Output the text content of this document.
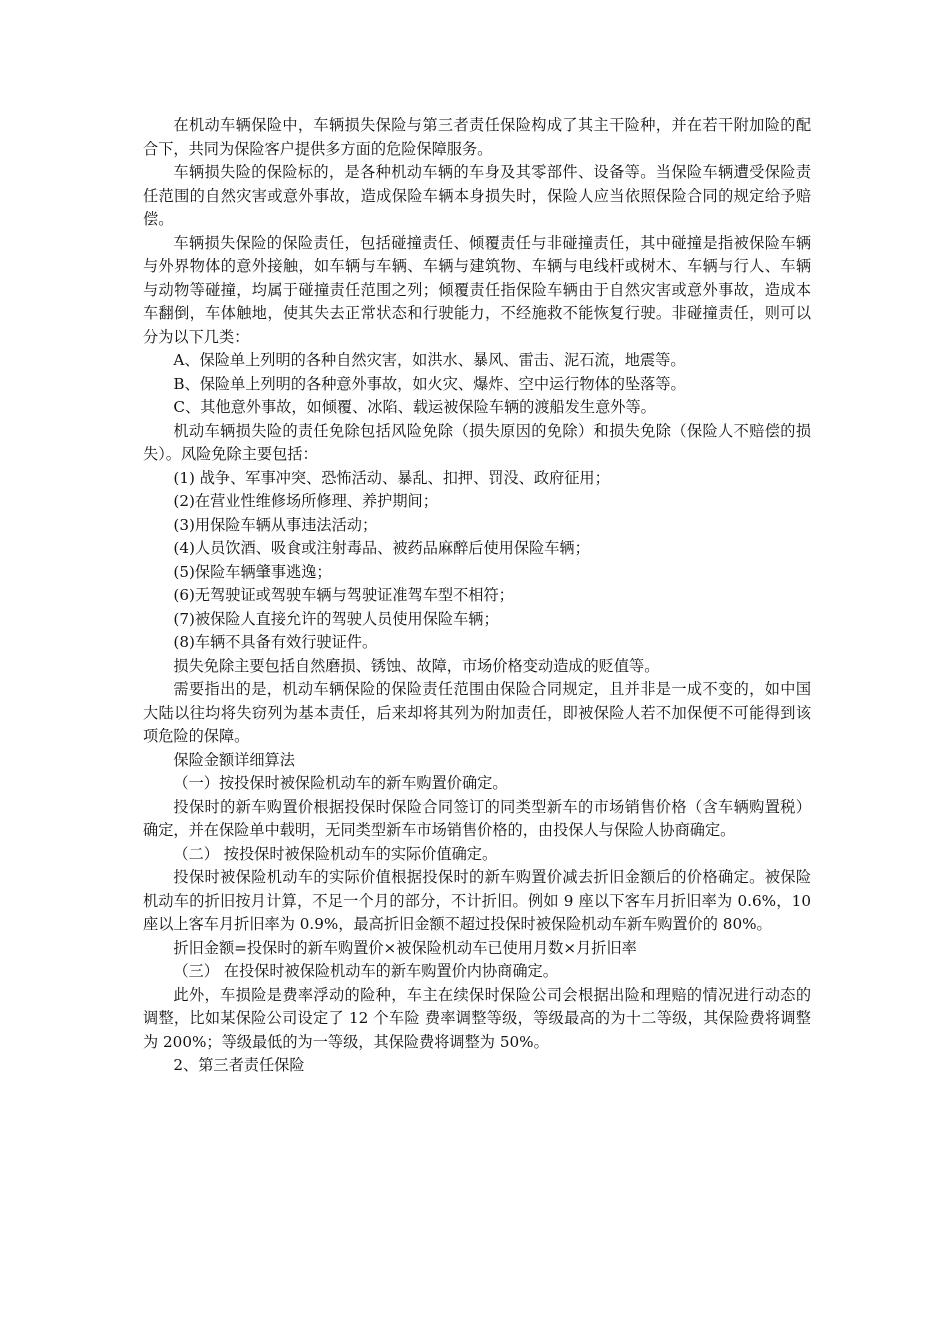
在机动车辆保险中，车辆损失保险与第三者责任保险构成了其主干险种，并在若干附加险的配合下，共同为保险客户提供多方面的危险保障服务。

车辆损失险的保险标的，是各种机动车辆的车身及其零部件、设备等。当保险车辆遭受保险责任范围的自然灾害或意外事故，造成保险车辆本身损失时，保险人应当依照保险合同的规定给予赔偿。

车辆损失保险的保险责任，包括碰撞责任、倾覆责任与非碰撞责任，其中碰撞是指被保险车辆与外界物体的意外接触，如车辆与车辆、车辆与建筑物、车辆与电线杆或树木、车辆与行人、车辆与动物等碰撞，均属于碰撞责任范围之列；倾覆责任指保险车辆由于自然灾害或意外事故，造成本车翻倒，车体触地，使其失去正常状态和行驶能力，不经施救不能恢复行驶。非碰撞责任，则可以分为以下几类：

A、保险单上列明的各种自然灾害，如洪水、暴风、雷击、泥石流，地震等。

B、保险单上列明的各种意外事故，如火灾、爆炸、空中运行物体的坠落等。

C、其他意外事故，如倾覆、冰陷、载运被保险车辆的渡船发生意外等。

机动车辆损失险的责任免除包括风险免除（损失原因的免除）和损失免除（保险人不赔偿的损失）。风险免除主要包括：

(1) 战争、军事冲突、恐怖活动、暴乱、扣押、罚没、政府征用；

(2)在营业性维修场所修理、养护期间；

(3)用保险车辆从事违法活动；

(4)人员饮酒、吸食或注射毒品、被药品麻醉后使用保险车辆；

(5)保险车辆肇事逃逸；

(6)无驾驶证或驾驶车辆与驾驶证准驾车型不相符；

(7)被保险人直接允许的驾驶人员使用保险车辆；

(8)车辆不具备有效行驶证件。

损失免除主要包括自然磨损、锈蚀、故障，市场价格变动造成的贬值等。

需要指出的是，机动车辆保险的保险责任范围由保险合同规定，且并非是一成不变的，如中国大陆以往均将失窃列为基本责任，后来却将其列为附加责任，即被保险人若不加保便不可能得到该项危险的保障。

保险金额详细算法

（一）按投保时被保险机动车的新车购置价确定。

投保时的新车购置价根据投保时保险合同签订的同类型新车的市场销售价格（含车辆购置税）确定，并在保险单中载明，无同类型新车市场销售价格的，由投保人与保险人协商确定。

（二） 按投保时被保险机动车的实际价值确定。

投保时被保险机动车的实际价值根据投保时的新车购置价减去折旧金额后的价格确定。被保险机动车的折旧按月计算，不足一个月的部分，不计折旧。例如 9 座以下客车月折旧率为 0.6%，10 座以上客车月折旧率为 0.9%，最高折旧金额不超过投保时被保险机动车新车购置价的 80%。

折旧金额=投保时的新车购置价×被保险机动车已使用月数×月折旧率

（三） 在投保时被保险机动车的新车购置价内协商确定。

此外，车损险是费率浮动的险种，车主在续保时保险公司会根据出险和理赔的情况进行动态的调整，比如某保险公司设定了 12 个车险 费率调整等级，等级最高的为十二等级，其保险费将调整为 200%；等级最低的为一等级，其保险费将调整为 50%。

2、第三者责任保险
